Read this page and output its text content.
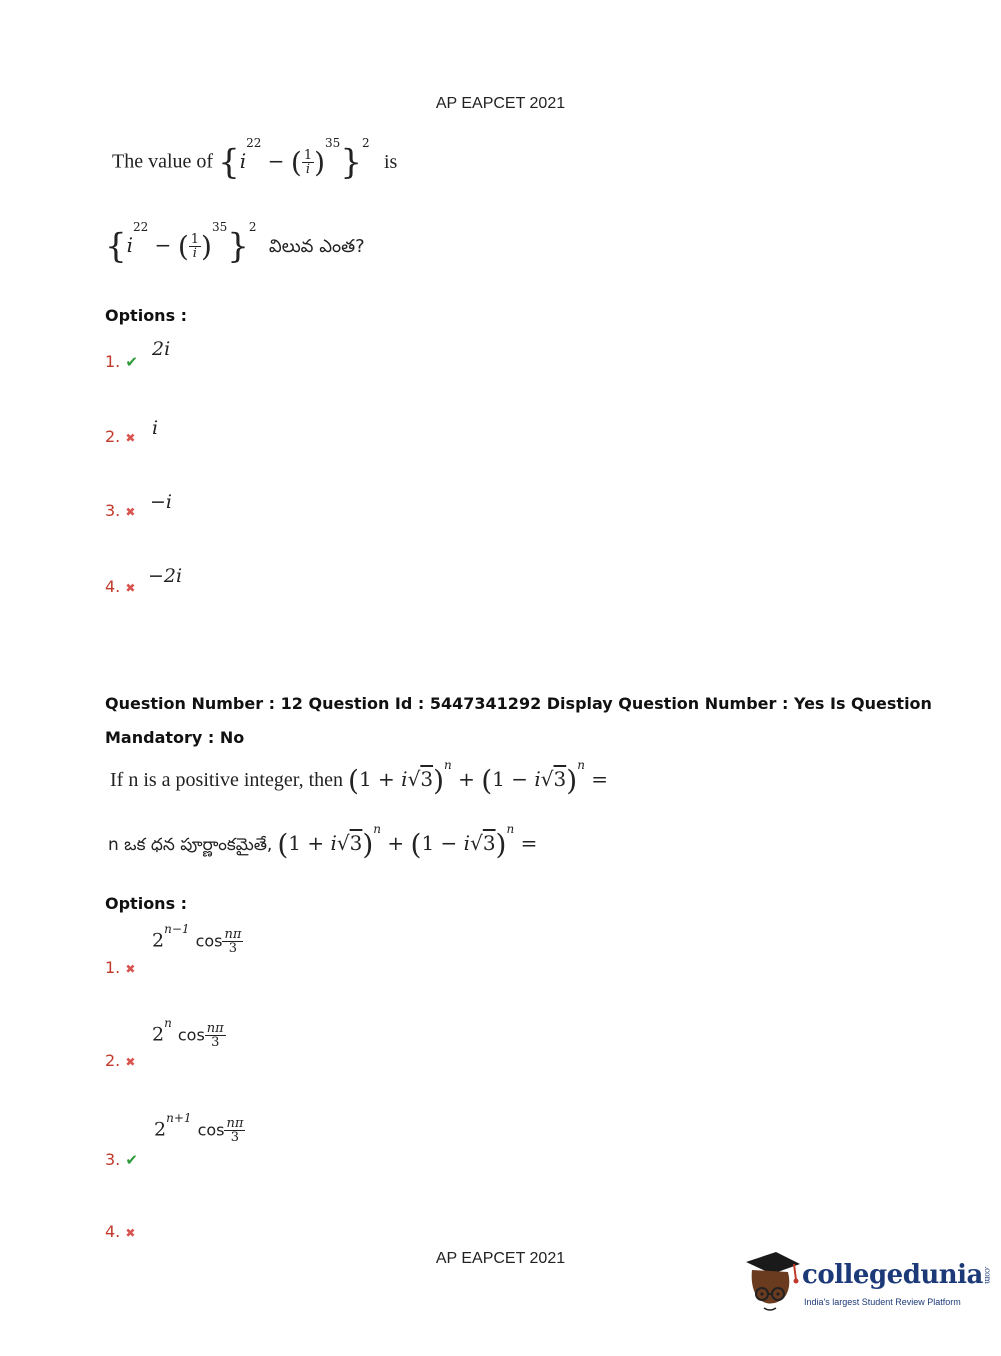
AP EAPCET 2021
The value of {$i^{22}$ − ( $\frac{1}{i} )^{35}\}^2$ is
{$i^{22}$ − ( $\frac{1}{i} )^{35}\}^2$ విలువ ఎంత?
Options :
1. ✔
2i
2. ✖ i
3. ✖ −i
4. ✖
−2i
Question Number : 12 Question Id : 5447341292 Display Question Number : Yes Is Question
Mandatory : No
If n is a positive integer, then $(1 + i√3)^n + (1 - i√3)^n$ =
n ఒక ధన పూర్ణాంకమైతే, $(1 + i√3)^n + (1 - i√3)^n$ =
Options :
1. ✖
$2^{n-1}$ $\cos \frac{n\pi}{3}$
2. ✖
2$^n$ $\cos \frac{n\pi}{3}$
3. ✔
$2^{n+1}$ $\cos \frac{n\pi}{3}$
4. ✖
AP EAPCET 2021
collegedunia.com
India's largest Student Review Platform
